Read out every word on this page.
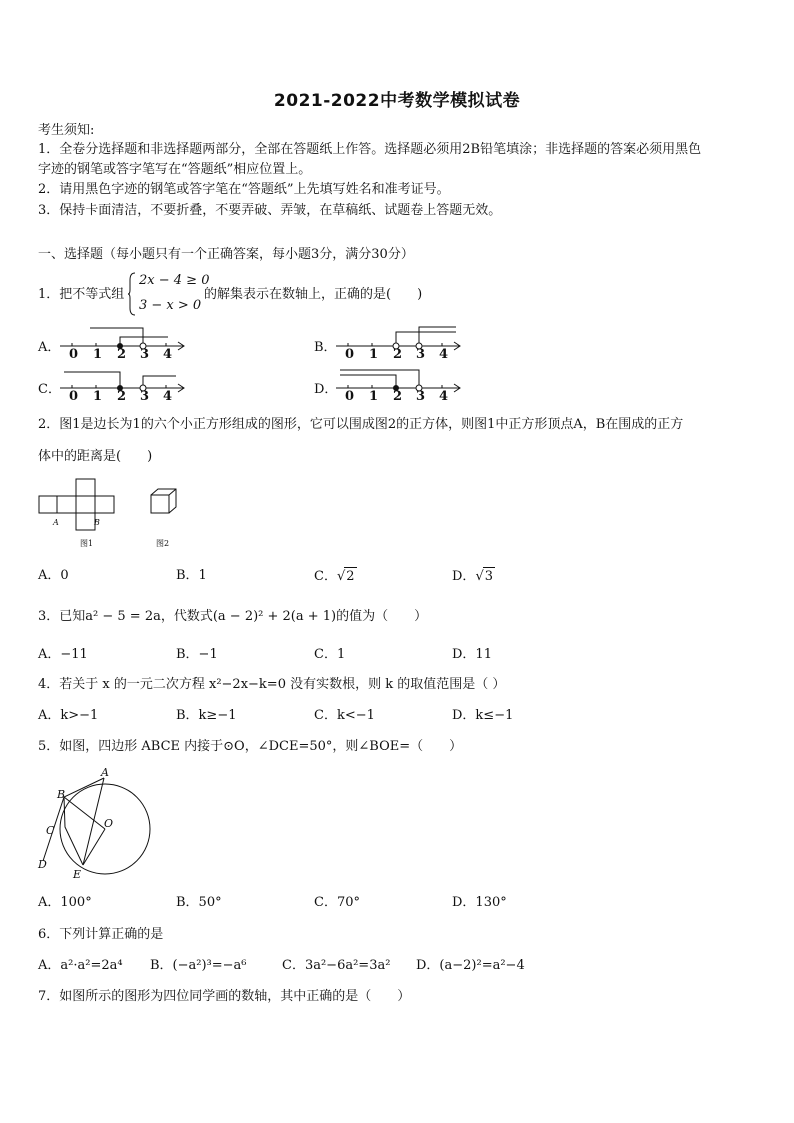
2021-2022中考数学模拟试卷
考生须知:
1．全卷分选择题和非选择题两部分，全部在答题纸上作答。选择题必须用2B铅笔填涂；非选择题的答案必须用黑色
字迹的钢笔或答字笔写在“答题纸”相应位置上。
2．请用黑色字迹的钢笔或答字笔在“答题纸”上先填写姓名和准考证号。
3．保持卡面清洁，不要折叠，不要弄破、弄皱，在草稿纸、试题卷上答题无效。
一、选择题（每小题只有一个正确答案，每小题3分，满分30分）
1．把不等式组
2x − 4 ≥ 0
3 − x > 0
的解集表示在数轴上，正确的是(　　)
A．	B．
C．	D．
0 1 2 3 4	0 1 2 3 4
0 1 2 3 4	0 1 2 3 4
2．图1是边长为1的六个小正方形组成的图形，它可以围成图2的正方体，则图1中正方形顶点A，B在围成的正方
体中的距离是(　　)
A	B
图1	图2
A．0	B．1	C．√2	D．√3
3．已知a² − 5 = 2a，代数式(a − 2)² + 2(a + 1)的值为（　　）
A．−11	B．−1	C．1	D．11
4．若关于 x 的一元二次方程 x²−2x−k=0 没有实数根，则 k 的取值范围是（ ）
A．k>−1	B．k≥−1	C．k<−1	D．k≤−1
5．如图，四边形 ABCE 内接于⊙O，∠DCE=50°，则∠BOE=（　　）
A
B
C
O
D
E
A．100°	B．50°	C．70°	D．130°
6．下列计算正确的是
A．a²·a²=2a⁴ B．(−a²)³=−a⁶	C．3a²−6a²=3a² D．(a−2)²=a²−4
7．如图所示的图形为四位同学画的数轴，其中正确的是（　　）
